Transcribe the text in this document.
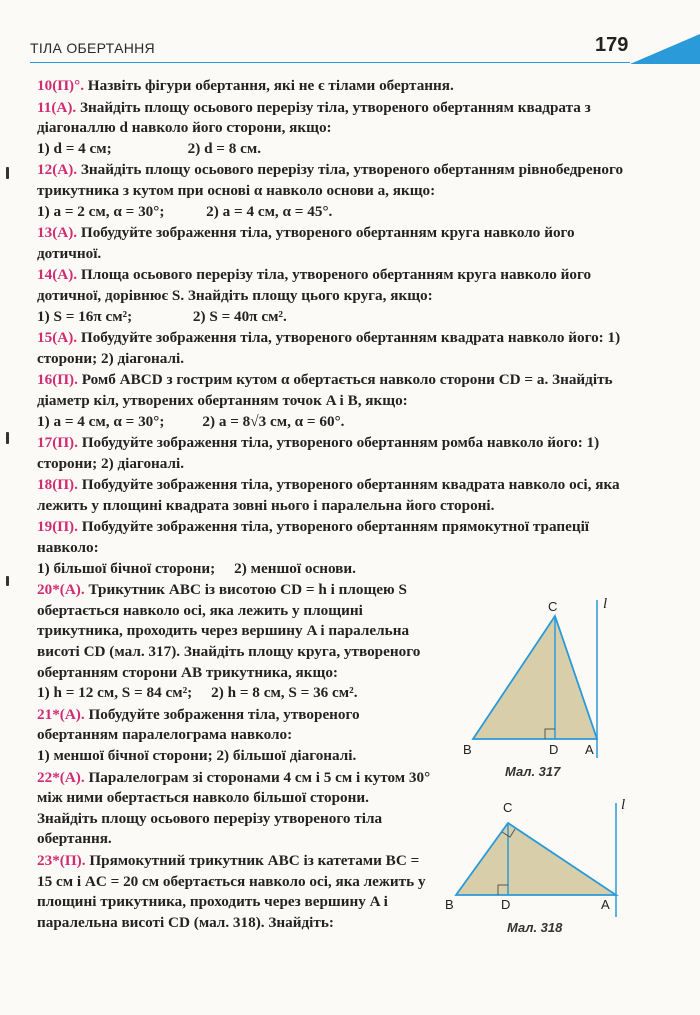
ТІЛА ОБЕРТАННЯ	179

10(П)°. Назвіть фігури обертання, які не є тілами обертання.

11(А). Знайдіть площу осьового перерізу тіла, утвореного обертанням квадрата з діагоналлю d навколо його сторони, якщо:

1) d = 4 см;                    2) d = 8 см.

12(А). Знайдіть площу осьового перерізу тіла, утвореного обертанням рівнобедреного трикутника з кутом при основі α навколо основи a, якщо:

1) a = 2 см, α = 30°;           2) a = 4 см, α = 45°.

13(А). Побудуйте зображення тіла, утвореного обертанням круга навколо його дотичної.

14(А). Площа осьового перерізу тіла, утвореного обертанням круга навколо його дотичної, дорівнює S. Знайдіть площу цього круга, якщо:

1) S = 16π см²;                2) S = 40π см².

15(А). Побудуйте зображення тіла, утвореного обертанням квадрата навколо його: 1) сторони; 2) діагоналі.

16(П). Ромб ABCD з гострим кутом α обертається навколо сторони CD = a. Знайдіть діаметр кіл, утворених обертанням точок A і B, якщо:

1) a = 4 см, α = 30°;          2) a = 8√3 см, α = 60°.

17(П). Побудуйте зображення тіла, утвореного обертанням ромба навколо його: 1) сторони; 2) діагоналі.

18(П). Побудуйте зображення тіла, утвореного обертанням квадрата навколо осі, яка лежить у площині квадрата зовні нього і паралельна його стороні.

19(П). Побудуйте зображення тіла, утвореного обертанням прямокутної трапеції навколо:

1) більшої бічної сторони;     2) меншої основи.

20*(А). Трикутник ABC із висотою CD = h і площею S обертається навколо осі, яка лежить у площині трикутника, проходить через вершину A і паралельна висоті CD (мал. 317). Знайдіть площу круга, утвореного обертанням сторони AB трикутника, якщо:

1) h = 12 см, S = 84 см²;     2) h = 8 см, S = 36 см².

21*(А). Побудуйте зображення тіла, утвореного обертанням паралелограма навколо:

1) меншої бічної сторони; 2) більшої діагоналі.

22*(А). Паралелограм зі сторонами 4 см і 5 см і кутом 30° між ними обертається навколо більшої сторони. Знайдіть площу осьового перерізу утвореного тіла обертання.

23*(П). Прямокутний трикутник ABC із катетами BC = 15 см і AC = 20 см обертається навколо осі, яка лежить у площині трикутника, проходить через вершину A і паралельна висоті CD (мал. 318). Знайдіть:

C
B	D A
l
Мал. 317
C
B	D	A
l
Мал. 318
